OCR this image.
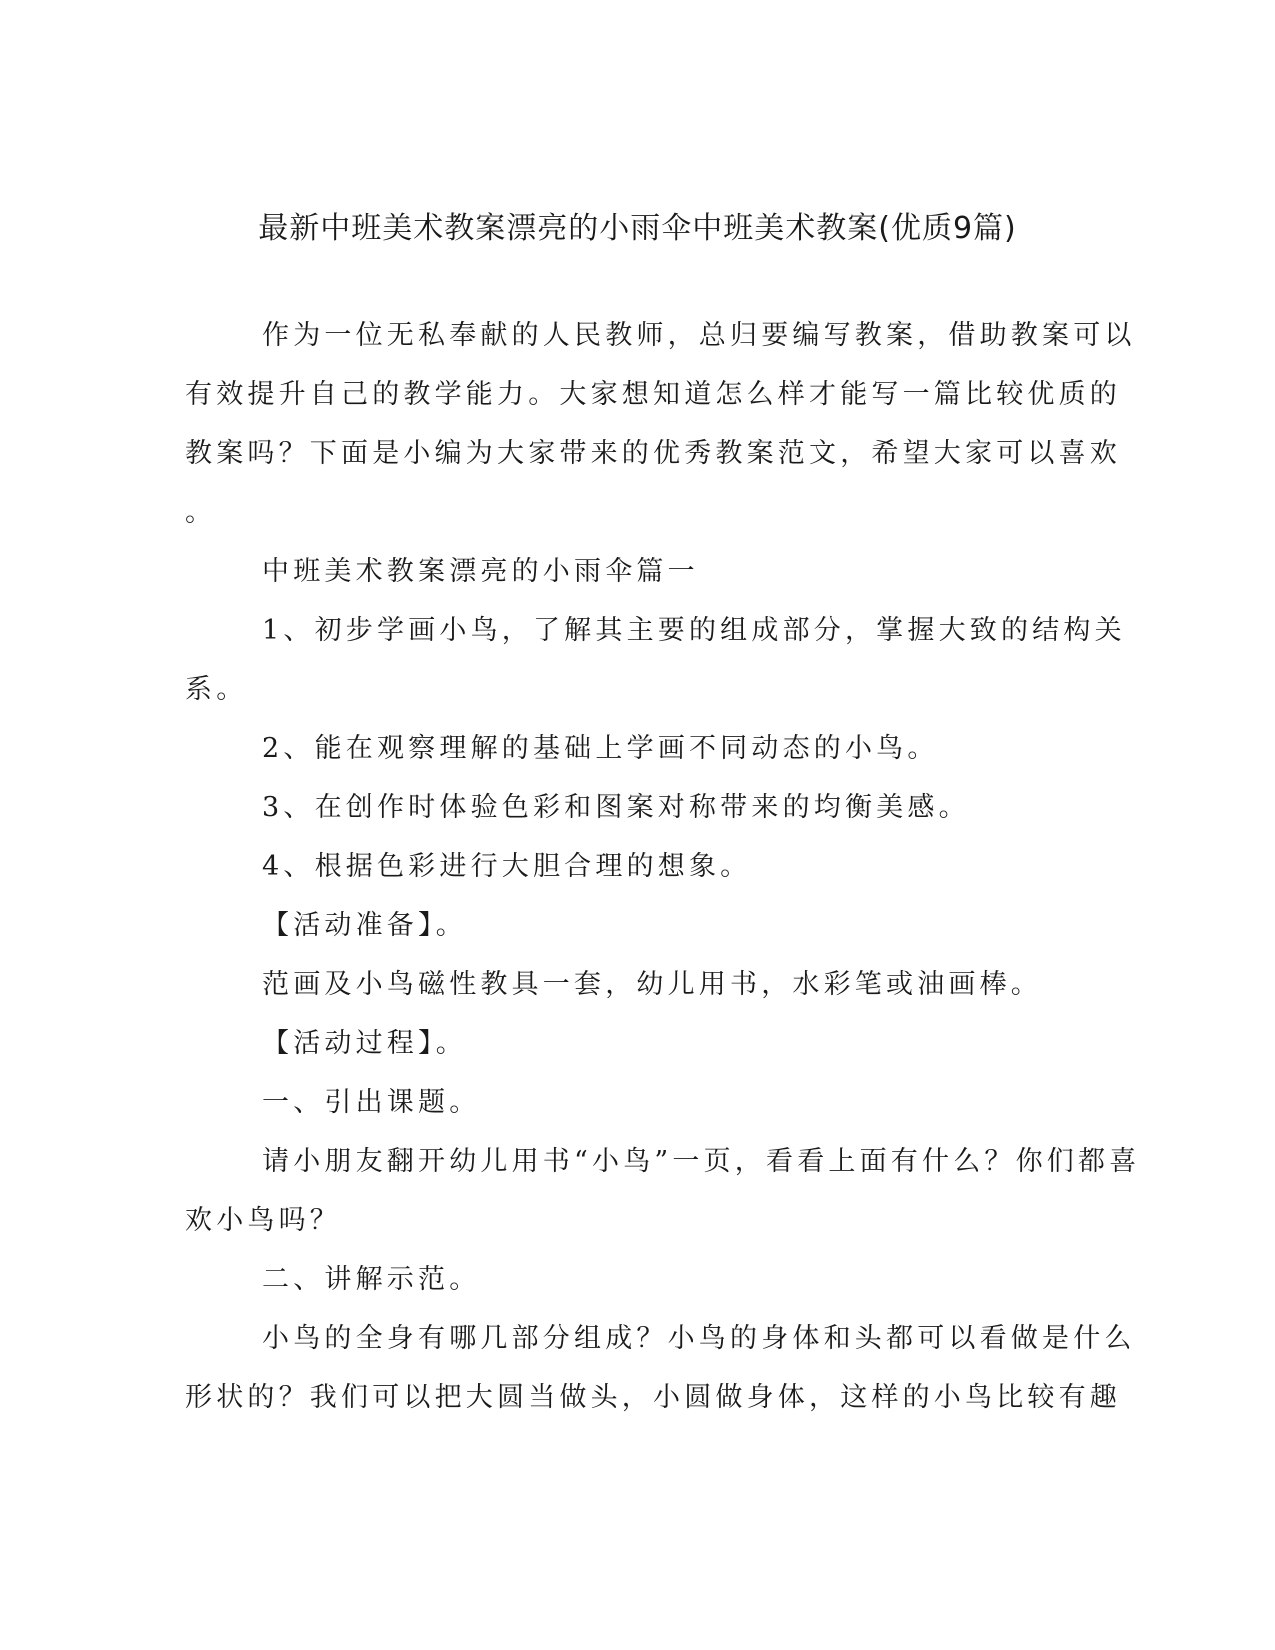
最新中班美术教案漂亮的小雨伞中班美术教案(优质9篇)
作为一位无私奉献的人民教师，总归要编写教案，借助教案可以
有效提升自己的教学能力。大家想知道怎么样才能写一篇比较优质的
教案吗？下面是小编为大家带来的优秀教案范文，希望大家可以喜欢
。
中班美术教案漂亮的小雨伞篇一
1、初步学画小鸟，了解其主要的组成部分，掌握大致的结构关
系。
2、能在观察理解的基础上学画不同动态的小鸟。
3、在创作时体验色彩和图案对称带来的均衡美感。
4、根据色彩进行大胆合理的想象。
【活动准备】。
范画及小鸟磁性教具一套，幼儿用书，水彩笔或油画棒。
【活动过程】。
一、引出课题。
请小朋友翻开幼儿用书“小鸟”一页，看看上面有什么？你们都喜
欢小鸟吗？
二、讲解示范。
小鸟的全身有哪几部分组成？小鸟的身体和头都可以看做是什么
形状的？我们可以把大圆当做头，小圆做身体，这样的小鸟比较有趣
